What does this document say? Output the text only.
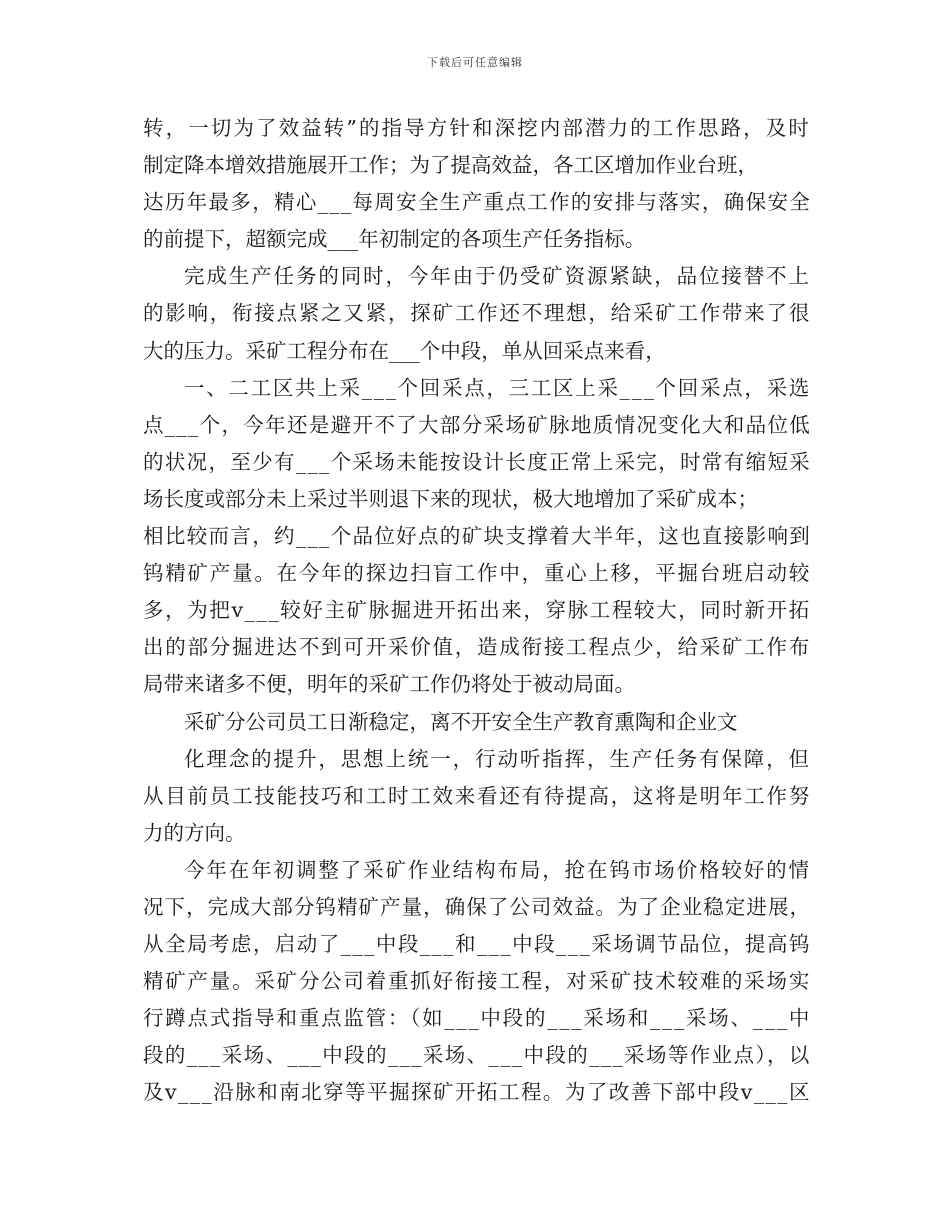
下载后可任意编辑
转，一切为了效益转”的指导方针和深挖内部潜力的工作思路，及时
制定降本增效措施展开工作；为了提高效益，各工区增加作业台班，
达历年最多，精心___每周安全生产重点工作的安排与落实，确保安全
的前提下，超额完成___年初制定的各项生产任务指标。
完成生产任务的同时，今年由于仍受矿资源紧缺，品位接替不上
的影响，衔接点紧之又紧，探矿工作还不理想，给采矿工作带来了很
大的压力。采矿工程分布在___个中段，单从回采点来看，
一、二工区共上采___个回采点，三工区上采___个回采点，采选
点___个，今年还是避开不了大部分采场矿脉地质情况变化大和品位低
的状况，至少有___个采场未能按设计长度正常上采完，时常有缩短采
场长度或部分未上采过半则退下来的现状，极大地增加了采矿成本；
相比较而言，约___个品位好点的矿块支撑着大半年，这也直接影响到
钨精矿产量。在今年的探边扫盲工作中，重心上移，平掘台班启动较
多，为把v___较好主矿脉掘进开拓出来，穿脉工程较大，同时新开拓
出的部分掘进达不到可开采价值，造成衔接工程点少，给采矿工作布
局带来诸多不便，明年的采矿工作仍将处于被动局面。
采矿分公司员工日渐稳定，离不开安全生产教育熏陶和企业文
化理念的提升，思想上统一，行动听指挥，生产任务有保障，但
从目前员工技能技巧和工时工效来看还有待提高，这将是明年工作努
力的方向。
今年在年初调整了采矿作业结构布局，抢在钨市场价格较好的情
况下，完成大部分钨精矿产量，确保了公司效益。为了企业稳定进展，
从全局考虑，启动了___中段___和___中段___采场调节品位，提高钨
精矿产量。采矿分公司着重抓好衔接工程，对采矿技术较难的采场实
行蹲点式指导和重点监管：（如___中段的___采场和___采场、___中
段的___采场、___中段的___采场、___中段的___采场等作业点），以
及v___沿脉和南北穿等平掘探矿开拓工程。为了改善下部中段v___区
